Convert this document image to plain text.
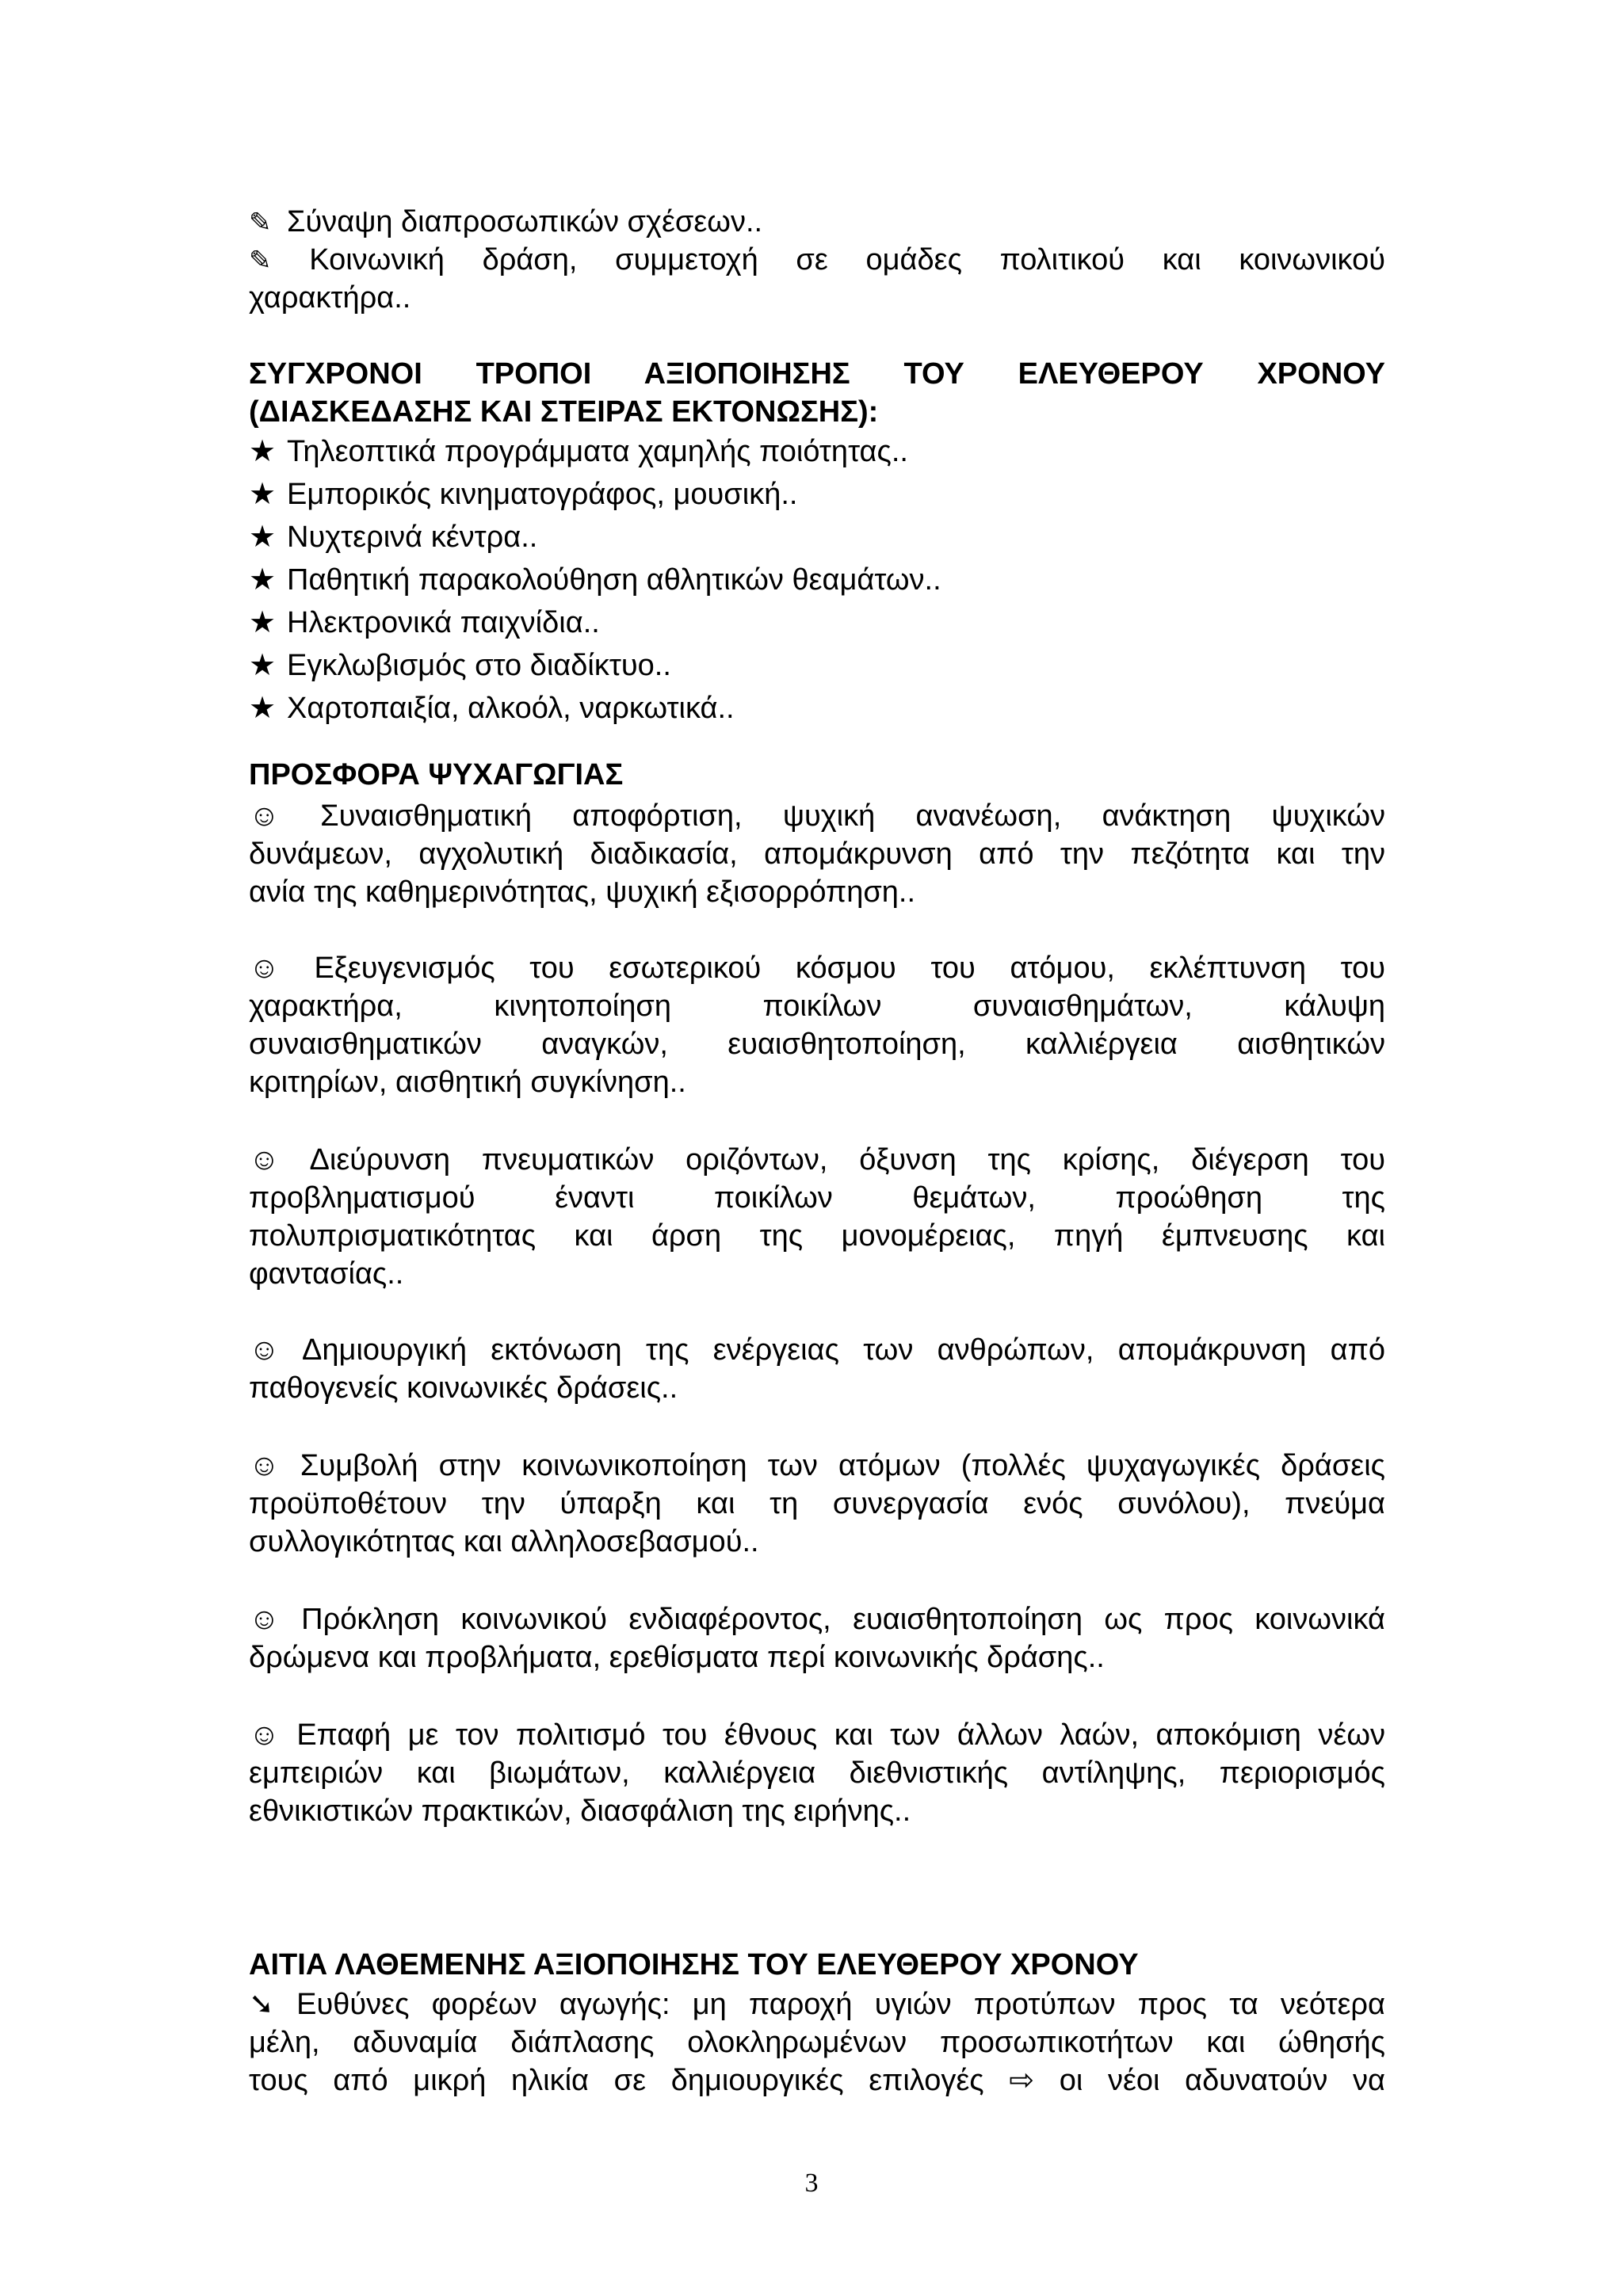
✎ Σύναψη διαπροσωπικών σχέσεων..
✎ Κοινωνική δράση, συμμετοχή σε ομάδες πολιτικού και κοινωνικού
χαρακτήρα..
ΣΥΓΧΡΟΝΟΙ ΤΡΟΠΟΙ ΑΞΙΟΠΟΙΗΣΗΣ ΤΟΥ ΕΛΕΥΘΕΡΟΥ ΧΡΟΝΟΥ
(ΔΙΑΣΚΕΔΑΣΗΣ ΚΑΙ ΣΤΕΙΡΑΣ ΕΚΤΟΝΩΣΗΣ):
★ Τηλεοπτικά προγράμματα χαμηλής ποιότητας..
★ Εμπορικός κινηματογράφος, μουσική..
★ Νυχτερινά κέντρα..
★ Παθητική παρακολούθηση αθλητικών θεαμάτων..
★ Ηλεκτρονικά παιχνίδια..
★ Εγκλωβισμός στο διαδίκτυο..
★ Χαρτοπαιξία, αλκοόλ, ναρκωτικά..
ΠΡΟΣΦΟΡΑ ΨΥΧΑΓΩΓΙΑΣ
☺ Συναισθηματική αποφόρτιση, ψυχική ανανέωση, ανάκτηση ψυχικών
δυνάμεων, αγχολυτική διαδικασία, απομάκρυνση από την πεζότητα και την
ανία της καθημερινότητας, ψυχική εξισορρόπηση..
☺ Εξευγενισμός του εσωτερικού κόσμου του ατόμου, εκλέπτυνση του
χαρακτήρα, κινητοποίηση ποικίλων συναισθημάτων, κάλυψη
συναισθηματικών αναγκών, ευαισθητοποίηση, καλλιέργεια αισθητικών
κριτηρίων, αισθητική συγκίνηση..
☺ Διεύρυνση πνευματικών οριζόντων, όξυνση της κρίσης, διέγερση του
προβληματισμού έναντι ποικίλων θεμάτων, προώθηση της
πολυπρισματικότητας και άρση της μονομέρειας, πηγή έμπνευσης και
φαντασίας..
☺ Δημιουργική εκτόνωση της ενέργειας των ανθρώπων, απομάκρυνση από
παθογενείς κοινωνικές δράσεις..
☺ Συμβολή στην κοινωνικοποίηση των ατόμων (πολλές ψυχαγωγικές δράσεις
προϋποθέτουν την ύπαρξη και τη συνεργασία ενός συνόλου), πνεύμα
συλλογικότητας και αλληλοσεβασμού..
☺ Πρόκληση κοινωνικού ενδιαφέροντος, ευαισθητοποίηση ως προς κοινωνικά
δρώμενα και προβλήματα, ερεθίσματα περί κοινωνικής δράσης..
☺ Επαφή με τον πολιτισμό του έθνους και των άλλων λαών, αποκόμιση νέων
εμπειριών και βιωμάτων, καλλιέργεια διεθνιστικής αντίληψης, περιορισμός
εθνικιστικών πρακτικών, διασφάλιση της ειρήνης..
ΑΙΤΙΑ ΛΑΘΕΜΕΝΗΣ ΑΞΙΟΠΟΙΗΣΗΣ ΤΟΥ ΕΛΕΥΘΕΡΟΥ ΧΡΟΝΟΥ
➘ Ευθύνες φορέων αγωγής: μη παροχή υγιών προτύπων προς τα νεότερα
μέλη, αδυναμία διάπλασης ολοκληρωμένων προσωπικοτήτων και ώθησής
τους από μικρή ηλικία σε δημιουργικές επιλογές ⇨ οι νέοι αδυνατούν να
3
